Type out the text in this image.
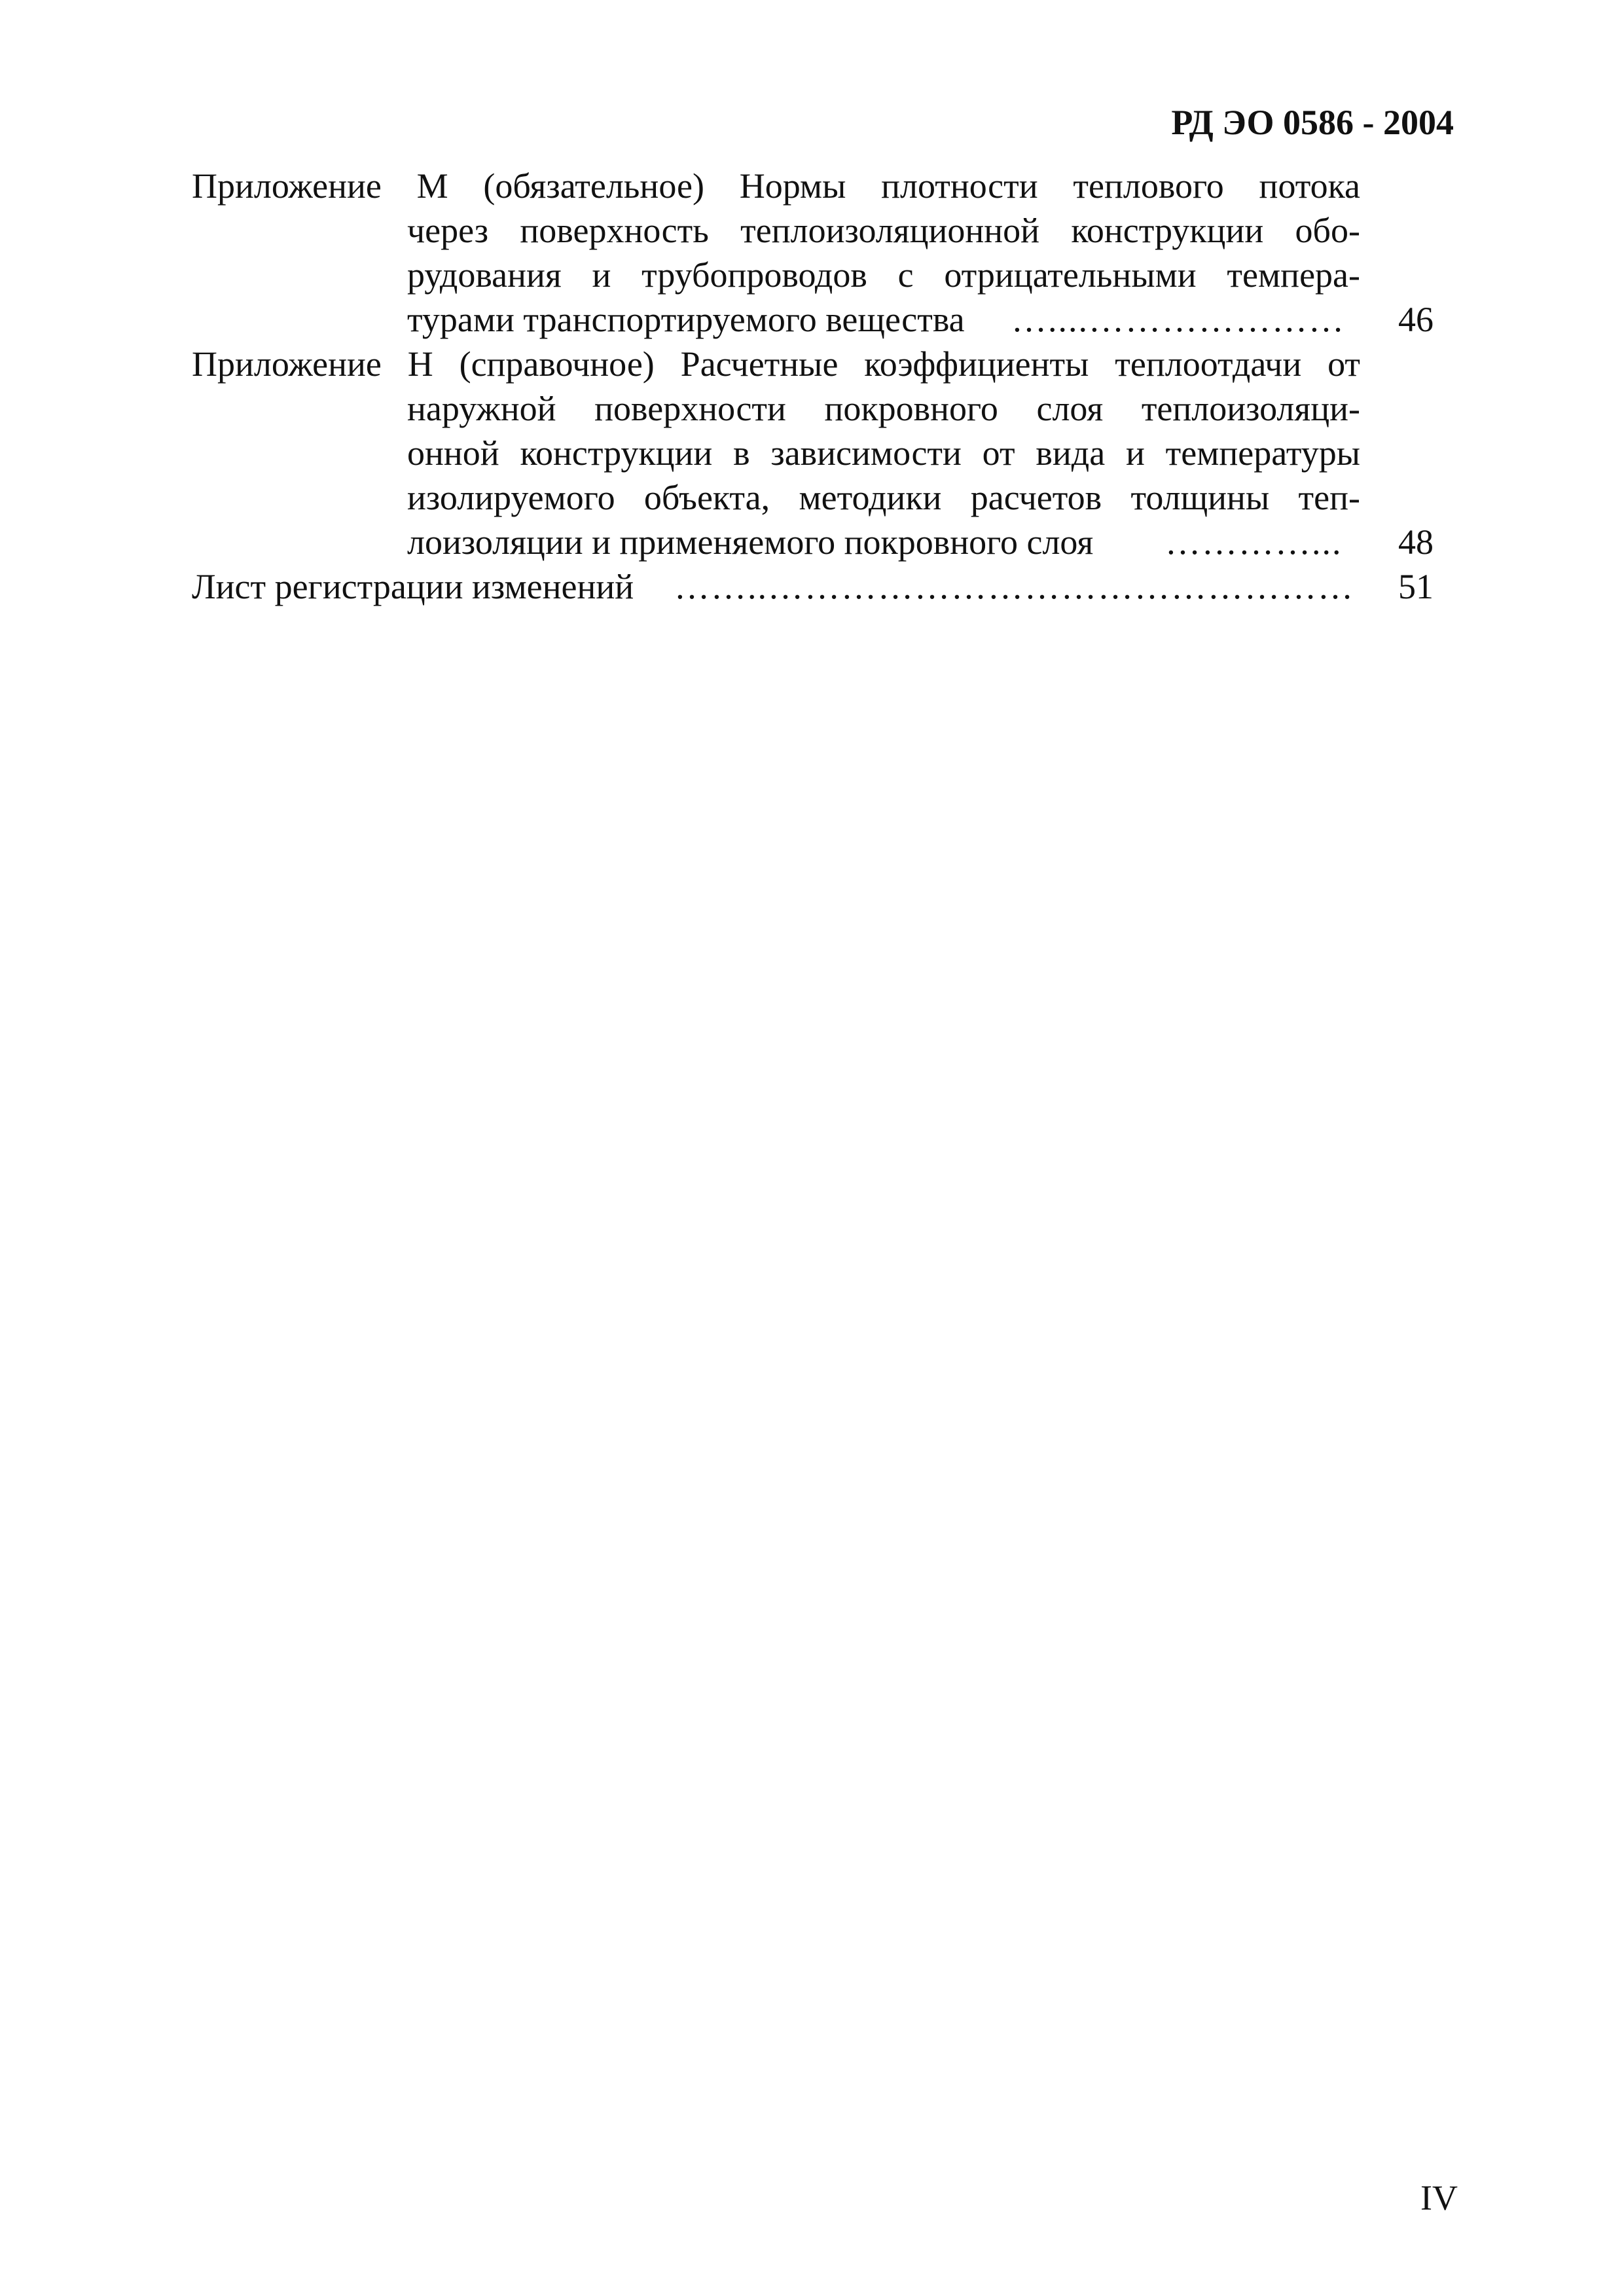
РД ЭО 0586 - 2004
Приложение М (обязательное) Нормы плотности теплового потока
через поверхность теплоизоляционной конструкции обо-
рудования и трубопроводов с отрицательными темпера-
турами транспортируемого вещества …....…………………	46
Приложение Н (справочное) Расчетные коэффициенты теплоотдачи от
наружной поверхности покровного слоя теплоизоляци-
онной конструкции в зависимости от вида и температуры
изолируемого объекта, методики расчетов толщины теп-
лоизоляции и применяемого покровного слоя …………...	48
Лист регистрации изменений ……..…………………………………………	51
IV
